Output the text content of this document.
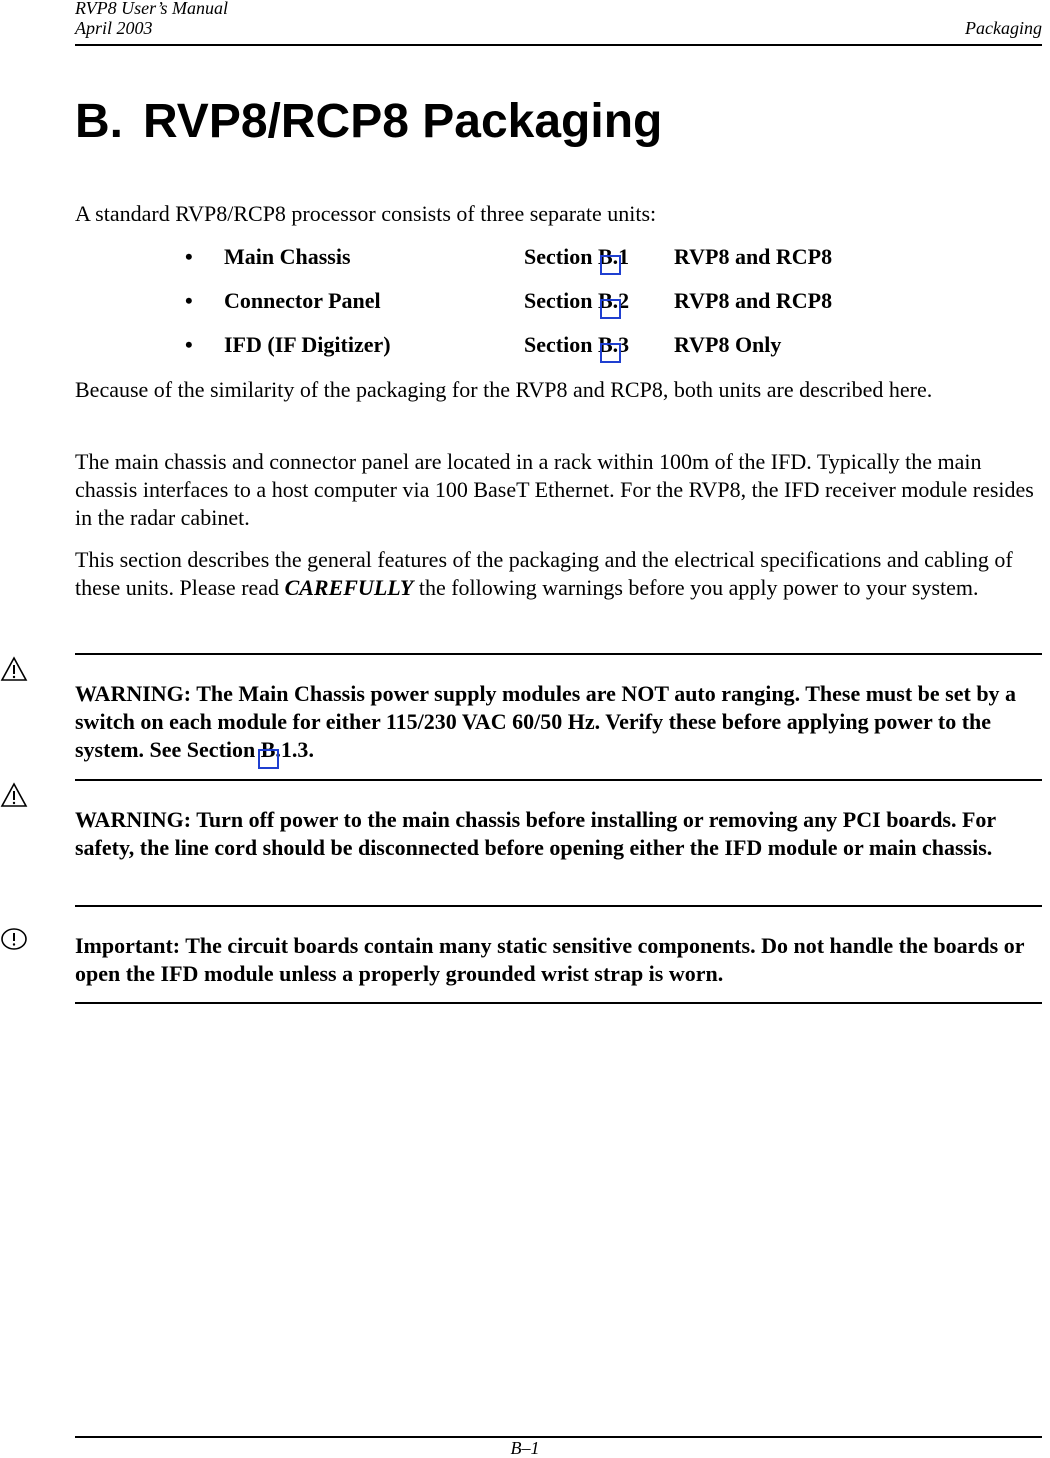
RVP8 User’s Manual
April 2003	Packaging
B. RVP8/RCP8 Packaging

A standard RVP8/RCP8 processor consists of three separate units:

• Main Chassis	Section B.1 RVP8 and RCP8
• Connector Panel	Section B.2 RVP8 and RCP8
• IFD (IF Digitizer)	Section B.3 RVP8 Only

Because of the similarity of the packaging for the RVP8 and RCP8, both units are described here.

The main chassis and connector panel are located in a rack within 100m of the IFD. Typically the main chassis interfaces to a host computer via 100 BaseT Ethernet. For the RVP8, the IFD receiver module resides in the radar cabinet.

This section describes the general features of the packaging and the electrical specifications and cabling of these units. Please read CAREFULLY the following warnings before you apply power to your system.

WARNING: The Main Chassis power supply modules are NOT auto ranging. These must be set by a switch on each module for either 115/230 VAC 60/50 Hz. Verify these before applying power to the system. See Section B.1.3.

WARNING: Turn off power to the main chassis before installing or removing any PCI boards. For safety, the line cord should be disconnected before opening either the IFD module or main chassis.

Important: The circuit boards contain many static sensitive components. Do not handle the boards or open the IFD module unless a properly grounded wrist strap is worn.

B–1
